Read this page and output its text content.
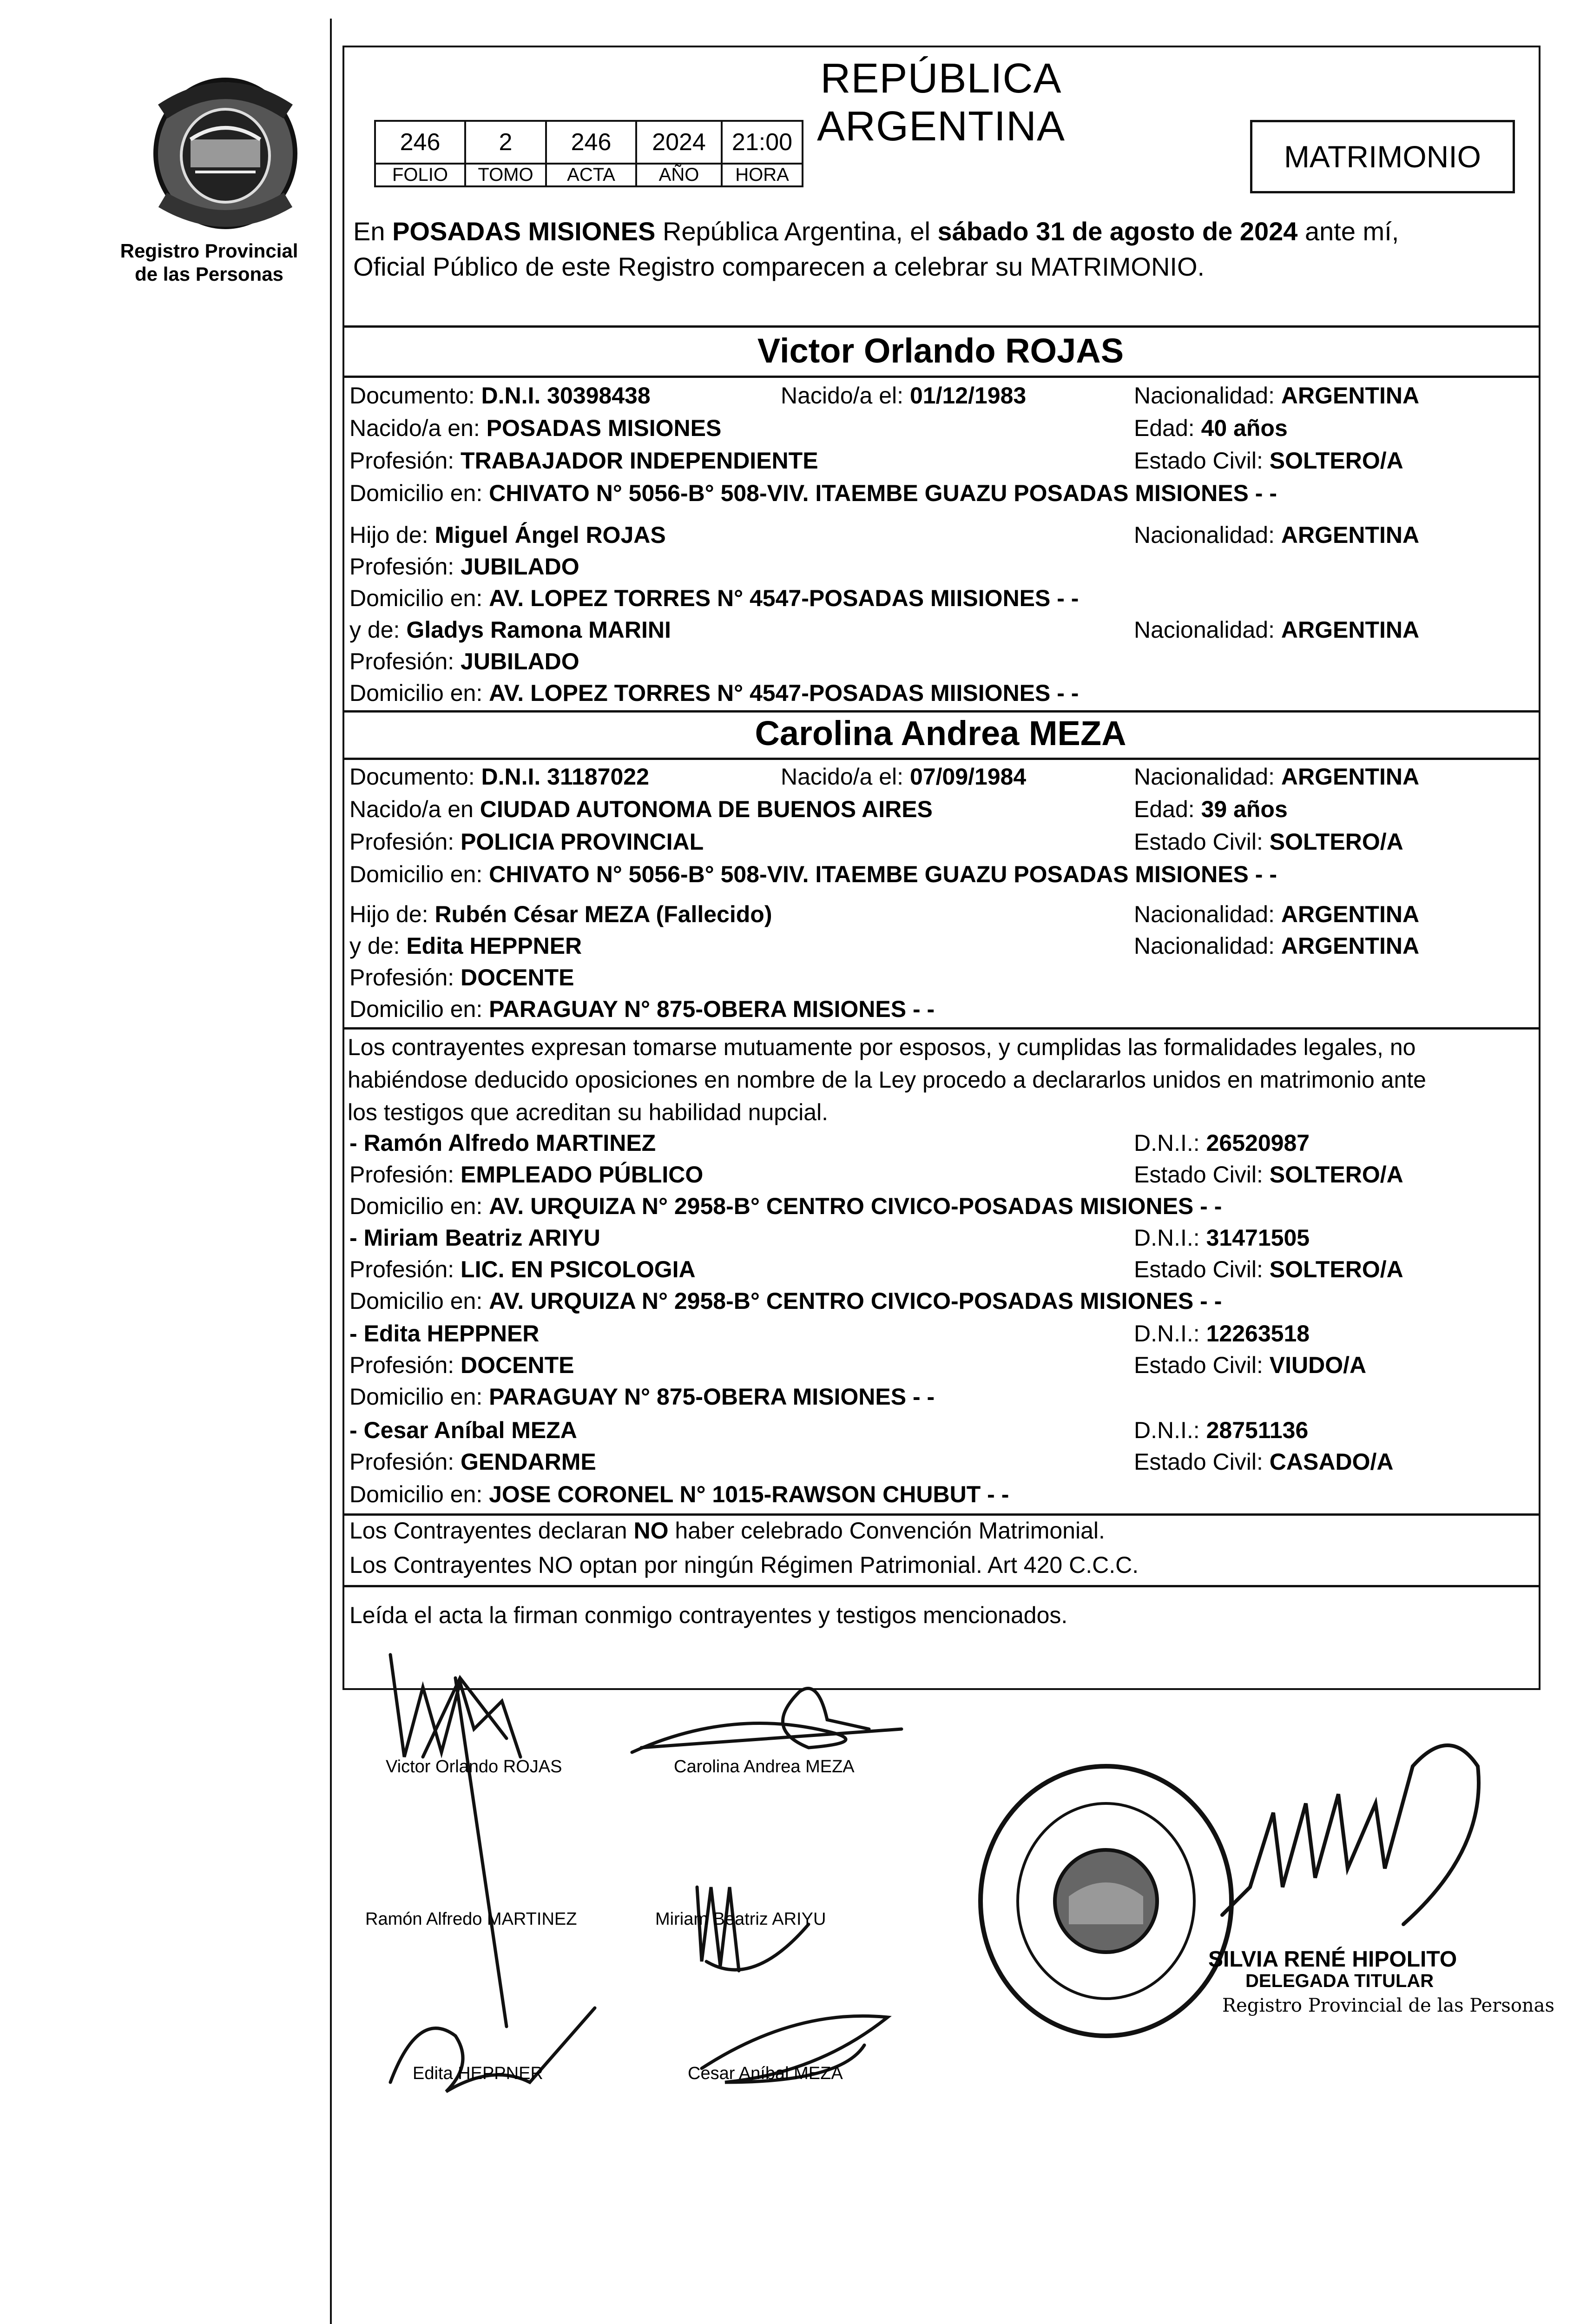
Registro Provincial de las Personas
REPÚBLICA ARGENTINA
246	2	246	2024	21:00
FOLIO	TOMO	ACTA	AÑO	HORA
MATRIMONIO
En POSADAS MISIONES República Argentina, el sábado 31 de agosto de 2024 ante mí,
Oficial Público de este Registro comparecen a celebrar su MATRIMONIO.
Victor Orlando ROJAS
Documento: D.N.I. 30398438	Nacido/a el: 01/12/1983	Nacionalidad: ARGENTINA
Nacido/a en: POSADAS MISIONES	Edad: 40 años
Profesión: TRABAJADOR INDEPENDIENTE	Estado Civil: SOLTERO/A
Domicilio en: CHIVATO N° 5056-B° 508-VIV. ITAEMBE GUAZU POSADAS MISIONES - -
Hijo de: Miguel Ángel ROJAS	Nacionalidad: ARGENTINA
Profesión: JUBILADO
Domicilio en: AV. LOPEZ TORRES N° 4547-POSADAS MIISIONES - -
y de: Gladys Ramona MARINI	Nacionalidad: ARGENTINA
Profesión: JUBILADO
Domicilio en: AV. LOPEZ TORRES N° 4547-POSADAS MIISIONES - -
Carolina Andrea MEZA
Documento: D.N.I. 31187022	Nacido/a el: 07/09/1984	Nacionalidad: ARGENTINA
Nacido/a en CIUDAD AUTONOMA DE BUENOS AIRES	Edad: 39 años
Profesión: POLICIA PROVINCIAL	Estado Civil: SOLTERO/A
Domicilio en: CHIVATO N° 5056-B° 508-VIV. ITAEMBE GUAZU POSADAS MISIONES - -
Hijo de: Rubén César MEZA (Fallecido)	Nacionalidad: ARGENTINA
y de: Edita HEPPNER	Nacionalidad: ARGENTINA
Profesión: DOCENTE
Domicilio en: PARAGUAY N° 875-OBERA MISIONES - -
Los contrayentes expresan tomarse mutuamente por esposos, y cumplidas las formalidades legales, no
habiéndose deducido oposiciones en nombre de la Ley procedo a declararlos unidos en matrimonio ante
los testigos que acreditan su habilidad nupcial.
- Ramón Alfredo MARTINEZ	D.N.I.: 26520987
Profesión: EMPLEADO PÚBLICO	Estado Civil: SOLTERO/A
Domicilio en: AV. URQUIZA N° 2958-B° CENTRO CIVICO-POSADAS MISIONES - -
- Miriam Beatriz ARIYU	D.N.I.: 31471505
Profesión: LIC. EN PSICOLOGIA	Estado Civil: SOLTERO/A
Domicilio en: AV. URQUIZA N° 2958-B° CENTRO CIVICO-POSADAS MISIONES - -
- Edita HEPPNER	D.N.I.: 12263518
Profesión: DOCENTE	Estado Civil: VIUDO/A
Domicilio en: PARAGUAY N° 875-OBERA MISIONES - -
- Cesar Aníbal MEZA	D.N.I.: 28751136
Profesión: GENDARME	Estado Civil: CASADO/A
Domicilio en: JOSE CORONEL N° 1015-RAWSON CHUBUT - -
Los Contrayentes declaran NO haber celebrado Convención Matrimonial.
Los Contrayentes NO optan por ningún Régimen Patrimonial. Art 420 C.C.C.
Leída el acta la firman conmigo contrayentes y testigos mencionados.
Victor Orlando ROJAS	Carolina Andrea MEZA
Ramón Alfredo MARTINEZ	Miriam Beatriz ARIYU
Edita HEPPNER	Cesar Aníbal MEZA
SILVIA RENÉ HIPOLITO
DELEGADA TITULAR
Registro Provincial de las Personas
